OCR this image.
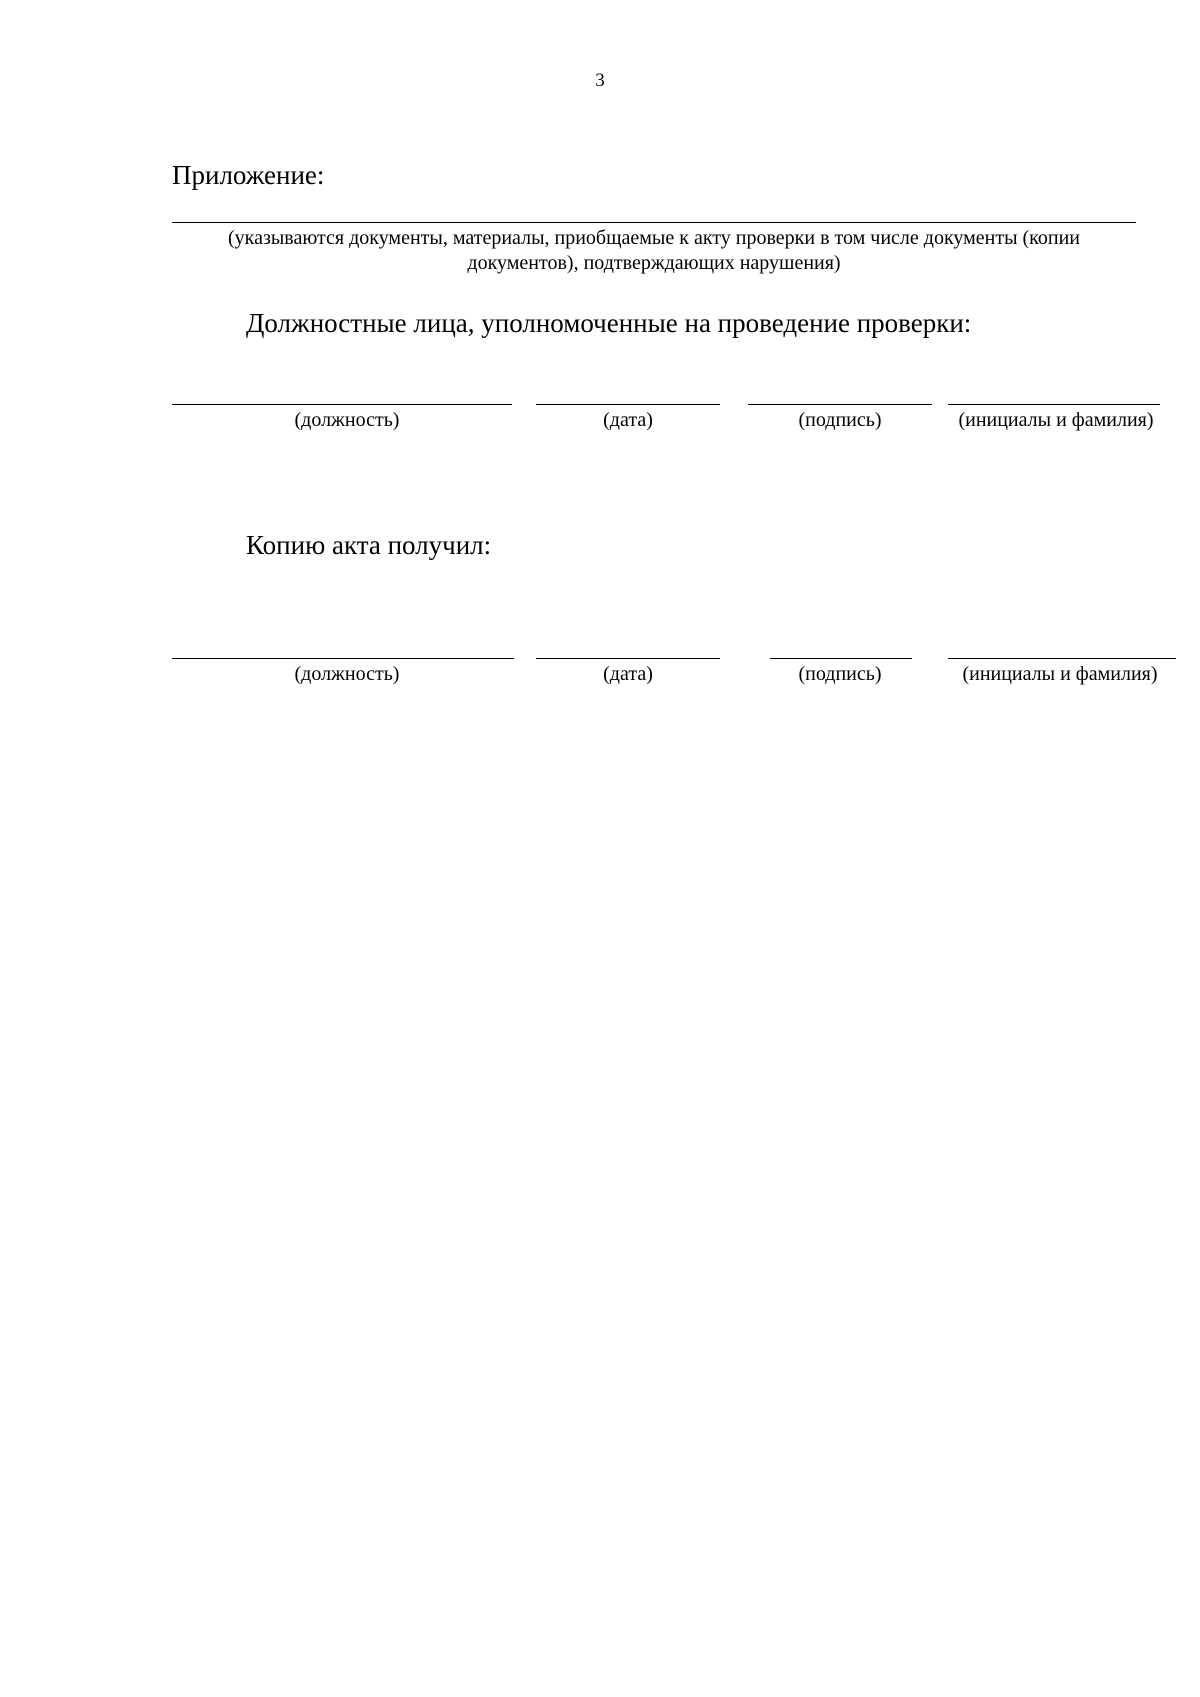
3
Приложение:
(указываются документы, материалы, приобщаемые к акту проверки в том числе документы (копии
документов), подтверждающих нарушения)
Должностные лица, уполномоченные на проведение проверки:
(должность)	(дата)	(подпись)	(инициалы и фамилия)
Копию акта получил:
(должность)	(дата)	(подпись)	(инициалы и фамилия)
